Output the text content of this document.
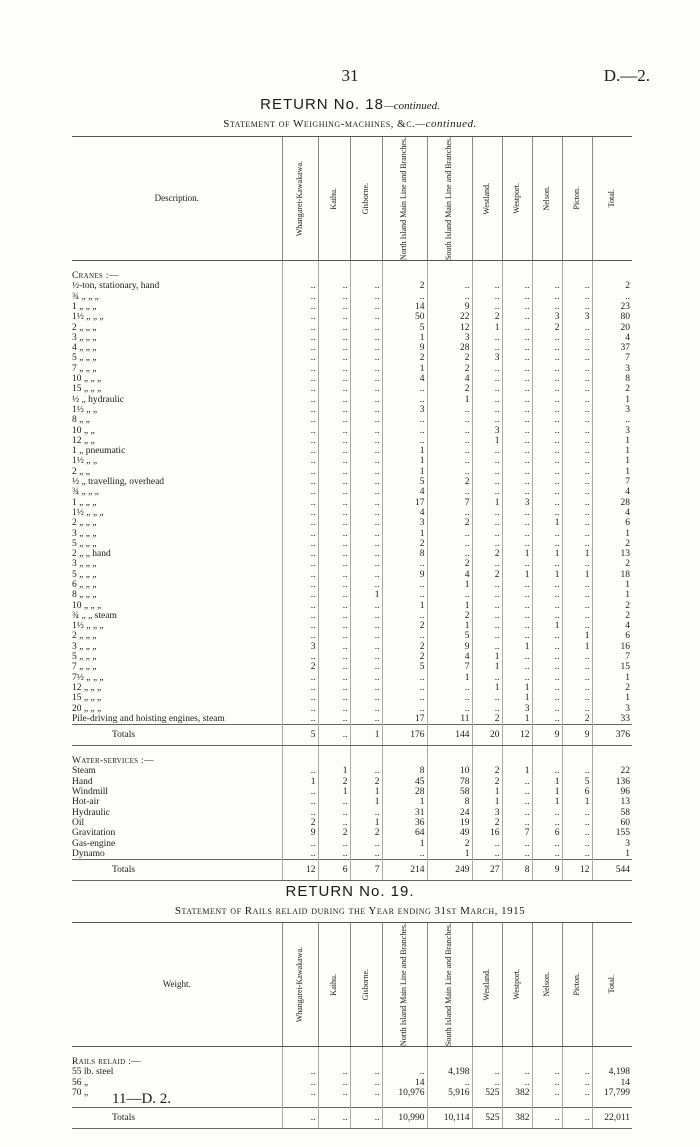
31	D.—2.
RETURN No. 18—continued.
Statement of Weighing-machines, &c.—continued.
Description.	Whangarei-Kawakawa.	Kaihu.	Gisborne.	North Island Main Line and Branches.	South Island Main Line and Branches.	Westland.	Westport.	Nelson.	Picton.	Total.

Cranes :—										
½-ton, stationary, hand	..	..	..	2	..	..	..	..	..	2
¾ „ „ „	..	..	..	..	..	..	..	..	..	..
1 „ „ „	..	..	..	14	9	..	..	..	..	23
1½ „ „ „	..	..	..	50	22	2	..	3	3	80
2 „ „ „	..	..	..	5	12	1	..	2	..	20
3 „ „ „	..	..	..	1	3	..	..	..	..	4
4 „ „ „	..	..	..	9	28	..	..	..	..	37
5 „ „ „	..	..	..	2	2	3	..	..	..	7
7 „ „ „	..	..	..	1	2	..	..	..	..	3
10 „ „ „	..	..	..	4	4	..	..	..	..	8
15 „ „ „	..	..	..	..	2	..	..	..	..	2
½ „ hydraulic	..	..	..	..	1	..	..	..	..	1
1½ „ „	..	..	..	3	..	..	..	..	..	3
8 „ „	..	..	..	..	..	..	..	..	..	..
10 „ „	..	..	..	..	..	3	..	..	..	3
12 „ „	..	..	..	..	..	1	..	..	..	1
1 „ pneumatic	..	..	..	1	..	..	..	..	..	1
1½ „ „	..	..	..	1	..	..	..	..	..	1
2 „ „	..	..	..	1	..	..	..	..	..	1
½ „ travelling, overhead	..	..	..	5	2	..	..	..	..	7
¾ „ „ „	..	..	..	4	..	..	..	..	..	4
1 „ „ „	..	..	..	17	7	1	3	..	..	28
1½ „ „ „	..	..	..	4	..	..	..	..	..	4
2 „ „ „	..	..	..	3	2	..	..	1	..	6
3 „ „ „	..	..	..	1	..	..	..	..	..	1
5 „ „ „	..	..	..	2	..	..	..	..	..	2
2 „ „ hand	..	..	..	8	..	2	1	1	1	13
3 „ „ „	..	..	..	..	2	..	..	..	..	2
5 „ „ „	..	..	..	9	4	2	1	1	1	18
6 „ „ „	..	..	..	..	1	..	..	..	..	1
8 „ „ „	..	..	1	..	..	..	..	..	..	1
10 „ „ „	..	..	..	1	1	..	..	..	..	2
¾ „ „ steam	..	..	..	..	2	..	..	..	..	2
1½ „ „ „	..	..	..	2	1	..	..	1	..	4
2 „ „ „	..	..	..	..	5	..	..	..	1	6
3 „ „ „	3	..	..	2	9	..	1	..	1	16
5 „ „ „	..	..	..	2	4	1	..	..	..	7
7 „ „ „	2	..	..	5	7	1	..	..	..	15
7½ „ „ „	..	..	..	..	1	..	..	..	..	1
12 „ „ „	..	..	..	..	..	1	1	..	..	2
15 „ „ „	..	..	..	..	..	..	1	..	..	1
20 „ „ „	..	..	..	..	..	..	3	..	..	3
Pile-driving and hoisting engines, steam	..	..	..	17	11	2	1	..	2	33
Totals	5	..	1	176	144	20	12	9	9	376

Water-services :—										
Steam	..	1	..	8	10	2	1	..	..	22
Hand	1	2	2	45	78	2	..	1	5	136
Windmill	..	1	1	28	58	1	..	1	6	96
Hot-air	..	..	1	1	8	1	..	1	1	13
Hydraulic	..	..	..	31	24	3	..	..	..	58
Oil	2	..	1	36	19	2	..	..	..	60
Gravitation	9	2	2	64	49	16	7	6	..	155
Gas-engine	..	..	..	1	2	..	..	..	..	3
Dynamo	..	..	..	..	1	..	..	..	..	1
Totals	12	6	7	214	249	27	8	9	12	544
RETURN No. 19.
Statement of Rails relaid during the Year ending 31st March, 1915
Weight.	Whangarei-Kawakawa.	Kaihu.	Gisborne.	North Island Main Line and Branches.	South Island Main Line and Branches.	Westland.	Westport.	Nelson.	Picton.	Total.

Rails relaid :—										
55 lb. steel	..	..	..	..	4,198	..	..	..	..	4,198
56 „	..	..	..	14	..	..	..	..	..	14
70 „	..	..	..	10,976	5,916	525	382	..	..	17,799

Totals	..	..	..	10,990	10,114	525	382	..	..	22,011
11—D. 2.
